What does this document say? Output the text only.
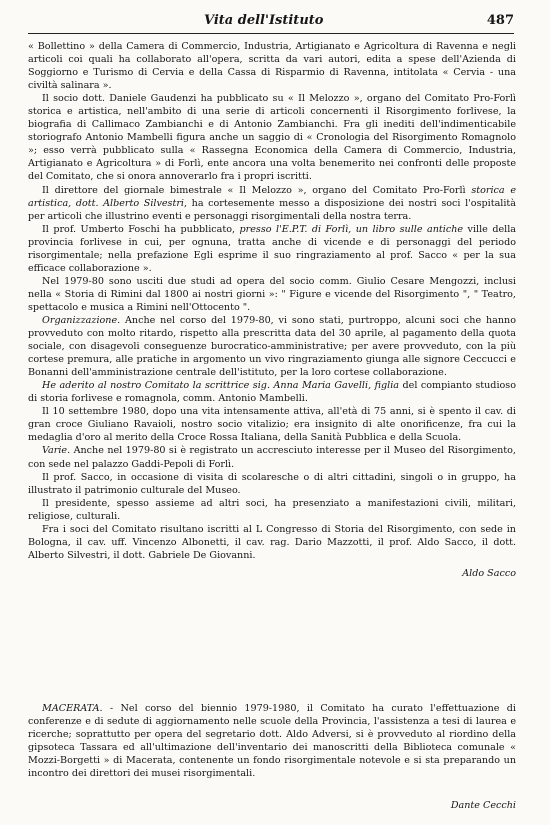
Vita dell'Istituto	487

« Bollettino » della Camera di Commercio, Industria, Artigianato e Agricoltura di Ravenna e negli articoli coi quali ha collaborato all'opera, scritta da vari autori, edita a spese dell'Azienda di Soggiorno e Turismo di Cervia e della Cassa di Risparmio di Ravenna, intitolata « Cervia - una civiltà salinara ».

Il socio dott. Daniele Gaudenzi ha pubblicato su « Il Melozzo », organo del Comitato Pro-Forlì storica e artistica, nell'ambito di una serie di articoli concernenti il Risorgimento forlivese, la biografia di Callimaco Zambianchi e di Antonio Zambianchi. Fra gli inediti dell'indimenticabile storiografo Antonio Mambelli figura anche un saggio di « Cronologia del Risorgimento Romagnolo »; esso verrà pubblicato sulla « Rassegna Economica della Camera di Commercio, Industria, Artigianato e Agricoltura » di Forlì, ente ancora una volta benemerito nei confronti delle proposte del Comitato, che si onora annoverarlo fra i propri iscritti.

Il direttore del giornale bimestrale « Il Melozzo », organo del Comitato Pro-Forlì storica e artistica, dott. Alberto Silvestri, ha cortesemente messo a disposizione dei nostri soci l'ospitalità per articoli che illustrino eventi e personaggi risorgimentali della nostra terra.

Il prof. Umberto Foschi ha pubblicato, presso l'E.P.T. di Forlì, un libro sulle antiche ville della provincia forlivese in cui, per ognuna, tratta anche di vicende e di personaggi del periodo risorgimentale; nella prefazione Egli esprime il suo ringraziamento al prof. Sacco « per la sua efficace collaborazione ».

Nel 1979-80 sono usciti due studi ad opera del socio comm. Giulio Cesare Mengozzi, inclusi nella « Storia di Rimini dal 1800 ai nostri giorni »: " Figure e vicende del Risorgimento ", " Teatro, spettacolo e musica a Rimini nell'Ottocento ".

Organizzazione. Anche nel corso del 1979-80, vi sono stati, purtroppo, alcuni soci che hanno provveduto con molto ritardo, rispetto alla prescritta data del 30 aprile, al pagamento della quota sociale, con disagevoli conseguenze burocratico-amministrative; per avere provveduto, con la più cortese premura, alle pratiche in argomento un vivo ringraziamento giunga alle signore Ceccucci e Bonanni dell'amministrazione centrale dell'istituto, per la loro cortese collaborazione.

He aderito al nostro Comitato la scrittrice sig. Anna Maria Gavelli, figlia del compianto studioso di storia forlivese e romagnola, comm. Antonio Mambelli.

Il 10 settembre 1980, dopo una vita intensamente attiva, all'età di 75 anni, si è spento il cav. di gran croce Giuliano Ravaioli, nostro socio vitalizio; era insignito di alte onorificenze, fra cui la medaglia d'oro al merito della Croce Rossa Italiana, della Sanità Pubblica e della Scuola.

Varie. Anche nel 1979-80 si è registrato un accresciuto interesse per il Museo del Risorgimento, con sede nel palazzo Gaddi-Pepoli di Forlì.

Il prof. Sacco, in occasione di visita di scolaresche o di altri cittadini, singoli o in gruppo, ha illustrato il patrimonio culturale del Museo.

Il presidente, spesso assieme ad altri soci, ha presenziato a manifestazioni civili, militari, religiose, culturali.

Fra i soci del Comitato risultano iscritti al L Congresso di Storia del Risorgimento, con sede in Bologna, il cav. uff. Vincenzo Albonetti, il cav. rag. Dario Mazzotti, il prof. Aldo Sacco, il dott. Alberto Silvestri, il dott. Gabriele De Giovanni.

Aldo Sacco

MACERATA. - Nel corso del biennio 1979-1980, il Comitato ha curato l'effettuazione di conferenze e di sedute di aggiornamento nelle scuole della Provincia, l'assistenza a tesi di laurea e ricerche; soprattutto per opera del segretario dott. Aldo Adversi, si è provveduto al riordino della gipsoteca Tassara ed all'ultimazione dell'inventario dei manoscritti della Biblioteca comunale « Mozzi-Borgetti » di Macerata, contenente un fondo risorgimentale notevole e si sta preparando un incontro dei direttori dei musei risorgimentali.

Dante Cecchi
